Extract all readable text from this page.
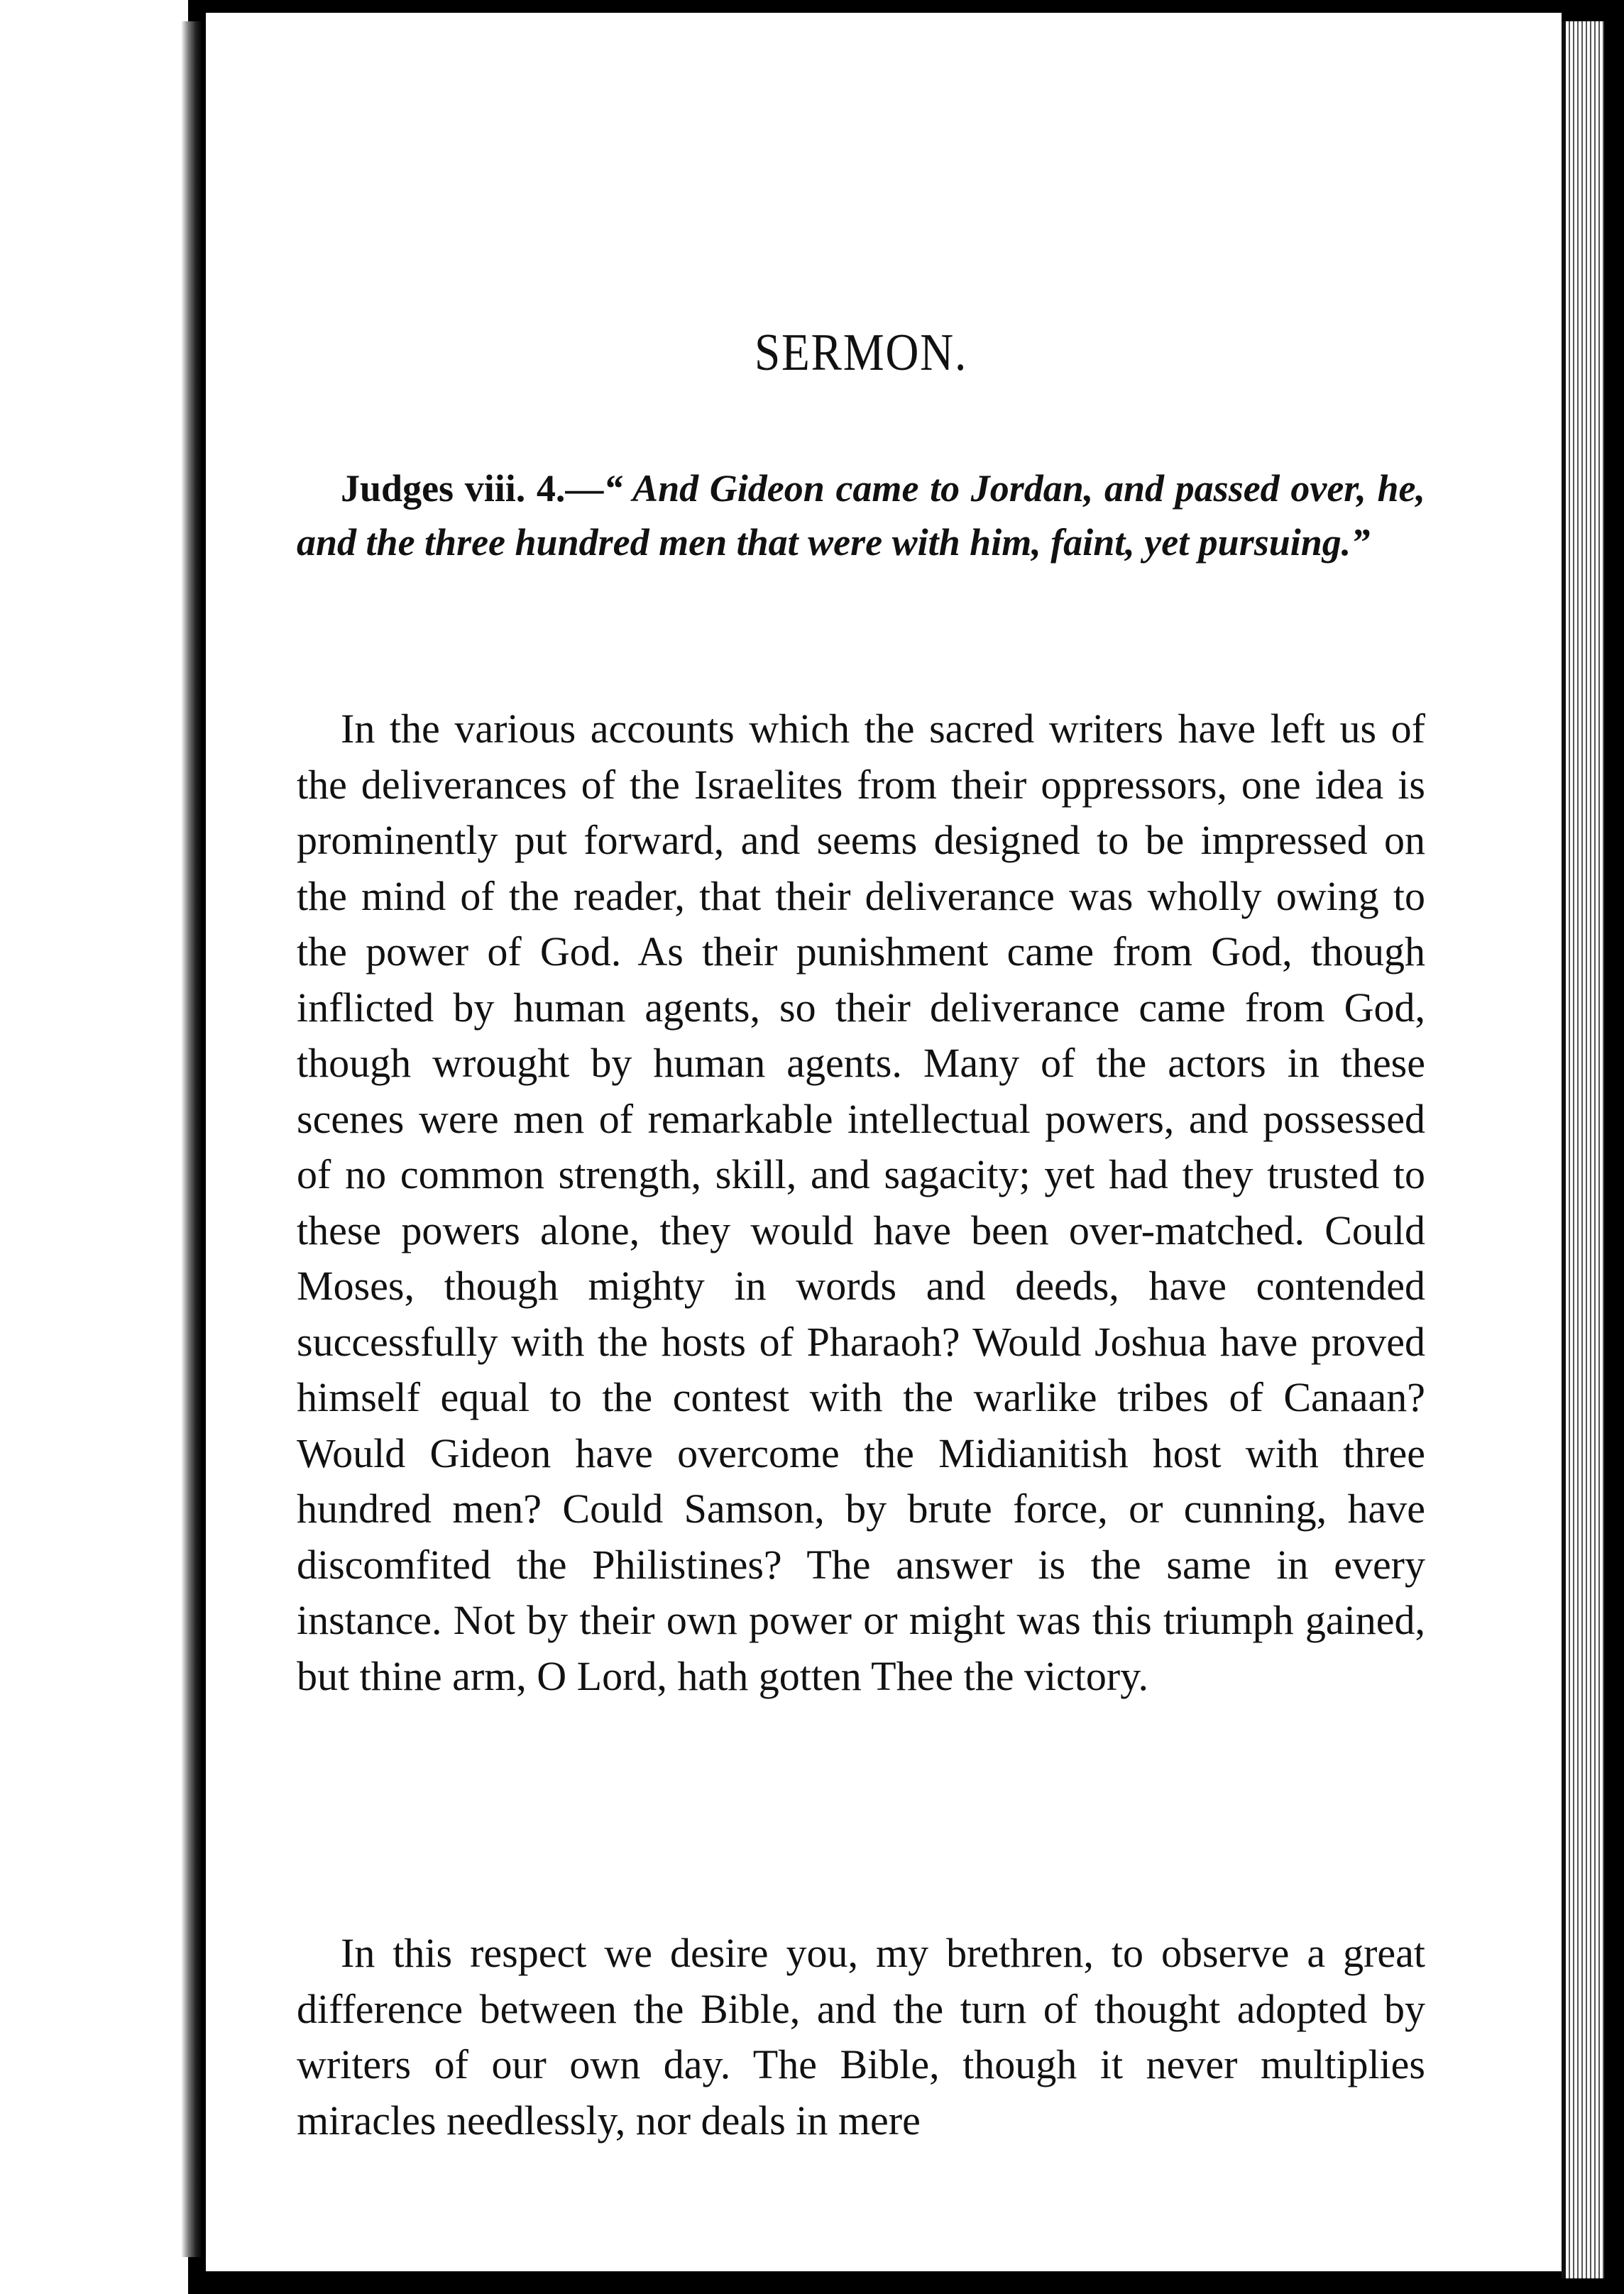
SERMON.
Judges viii. 4.—“ And Gideon came to Jordan, and passed over, he, and the three hundred men that were with him, faint, yet pursuing.”

In the various accounts which the sacred writers have left us of the deliverances of the Israelites from their oppressors, one idea is prominently put forward, and seems designed to be impressed on the mind of the reader, that their deliverance was wholly owing to the power of God. As their punishment came from God, though inflicted by human agents, so their deliverance came from God, though wrought by human agents. Many of the actors in these scenes were men of remarkable intellectual powers, and possessed of no common strength, skill, and sagacity; yet had they trusted to these powers alone, they would have been over-matched. Could Moses, though mighty in words and deeds, have contended successfully with the hosts of Pharaoh? Would Joshua have proved himself equal to the contest with the warlike tribes of Canaan? Would Gideon have overcome the Midianitish host with three hundred men? Could Samson, by brute force, or cunning, have discomfited the Philistines? The answer is the same in every instance. Not by their own power or might was this triumph gained, but thine arm, O Lord, hath gotten Thee the victory.

In this respect we desire you, my brethren, to observe a great difference between the Bible, and the turn of thought adopted by writers of our own day. The Bible, though it never multiplies miracles needlessly, nor deals in mere
